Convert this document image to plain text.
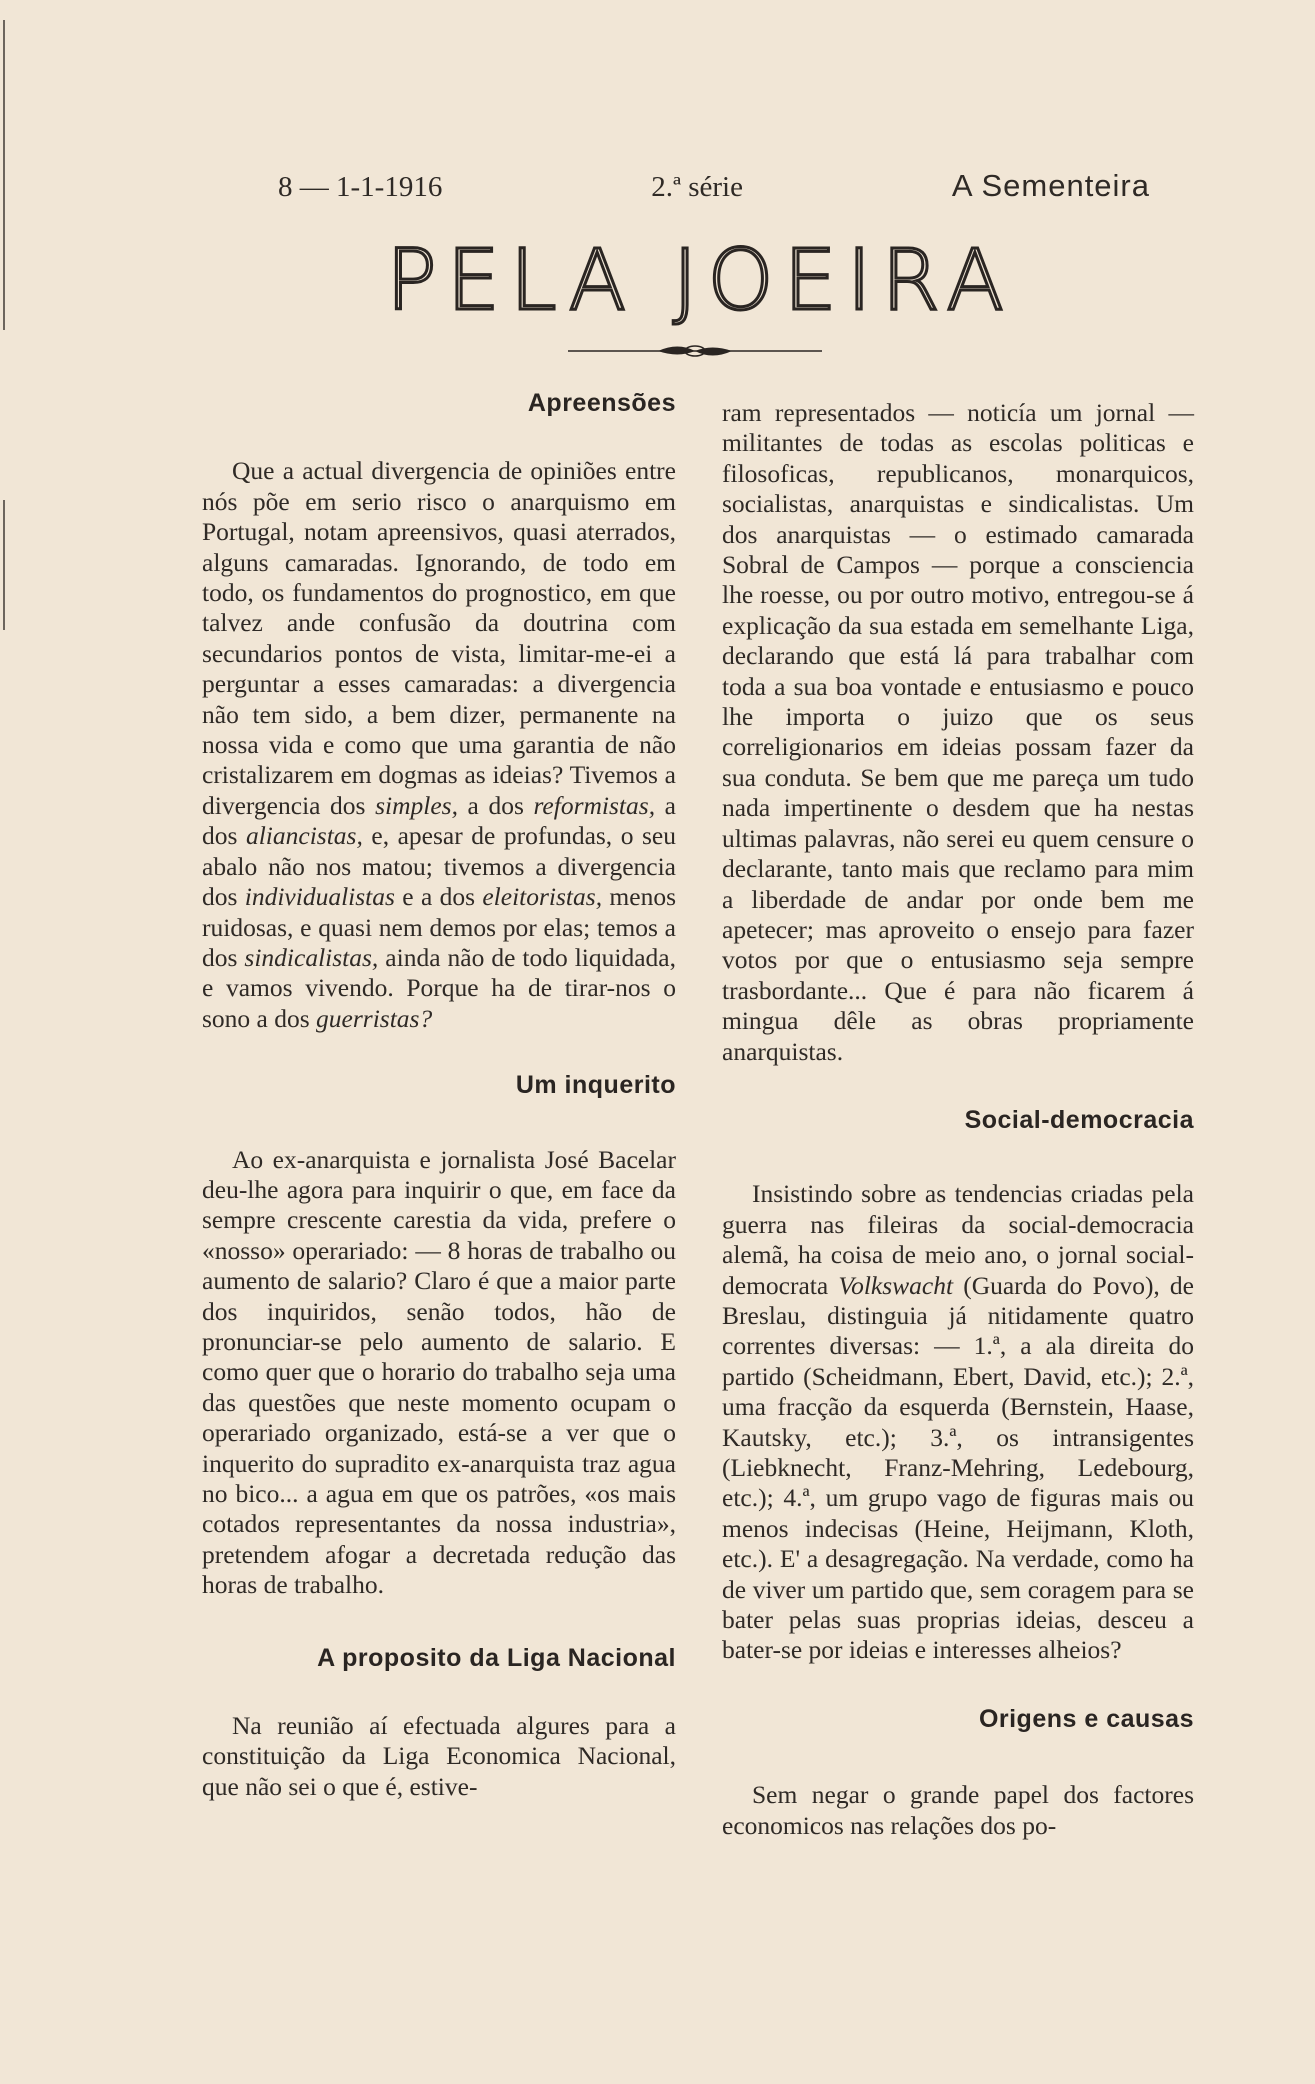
8 — 1-1-1916	2.ª série	A Sementeira
PELA JOEIRA
Apreensões

Que a actual divergencia de opiniões entre nós põe em serio risco o anarquismo em Portugal, notam apreensivos, quasi aterrados, alguns camaradas. Ignorando, de todo em todo, os fundamentos do prognostico, em que talvez ande confusão da doutrina com secundarios pontos de vista, limitar-me-ei a perguntar a esses camaradas: a divergencia não tem sido, a bem dizer, permanente na nossa vida e como que uma garantia de não cristalizarem em dogmas as ideias? Tivemos a divergencia dos simples, a dos reformistas, a dos aliancistas, e, apesar de profundas, o seu abalo não nos matou; tivemos a divergencia dos individualistas e a dos eleitoristas, menos ruidosas, e quasi nem demos por elas; temos a dos sindicalistas, ainda não de todo liquidada, e vamos vivendo. Porque ha de tirar-nos o sono a dos guerristas?

Um inquerito

Ao ex-anarquista e jornalista José Bacelar deu-lhe agora para inquirir o que, em face da sempre crescente carestia da vida, prefere o «nosso» operariado: — 8 horas de trabalho ou aumento de salario? Claro é que a maior parte dos inquiridos, senão todos, hão de pronunciar-se pelo aumento de salario. E como quer que o horario do trabalho seja uma das questões que neste momento ocupam o operariado organizado, está-se a ver que o inquerito do supradito ex-anarquista traz agua no bico... a agua em que os patrões, «os mais cotados representantes da nossa industria», pretendem afogar a decretada redução das horas de trabalho.

A proposito da Liga Nacional

Na reunião aí efectuada algures para a constituição da Liga Economica Nacional, que não sei o que é, estive-

ram representados — noticía um jornal — militantes de todas as escolas politicas e filosoficas, republicanos, monarquicos, socialistas, anarquistas e sindicalistas. Um dos anarquistas — o estimado camarada Sobral de Campos — porque a consciencia lhe roesse, ou por outro motivo, entregou-se á explicação da sua estada em semelhante Liga, declarando que está lá para trabalhar com toda a sua boa vontade e entusiasmo e pouco lhe importa o juizo que os seus correligionarios em ideias possam fazer da sua conduta. Se bem que me pareça um tudo nada impertinente o desdem que ha nestas ultimas palavras, não serei eu quem censure o declarante, tanto mais que reclamo para mim a liberdade de andar por onde bem me apetecer; mas aproveito o ensejo para fazer votos por que o entusiasmo seja sempre trasbordante... Que é para não ficarem á mingua dêle as obras propriamente anarquistas.

Social-democracia

Insistindo sobre as tendencias criadas pela guerra nas fileiras da social-democracia alemã, ha coisa de meio ano, o jornal social-democrata Volkswacht (Guarda do Povo), de Breslau, distinguia já nitidamente quatro correntes diversas: — 1.ª, a ala direita do partido (Scheidmann, Ebert, David, etc.); 2.ª, uma fracção da esquerda (Bernstein, Haase, Kautsky, etc.); 3.ª, os intransigentes (Liebknecht, Franz-Mehring, Ledebourg, etc.); 4.ª, um grupo vago de figuras mais ou menos indecisas (Heine, Heijmann, Kloth, etc.). E' a desagregação. Na verdade, como ha de viver um partido que, sem coragem para se bater pelas suas proprias ideias, desceu a bater-se por ideias e interesses alheios?

Origens e causas

Sem negar o grande papel dos factores economicos nas relações dos po-
